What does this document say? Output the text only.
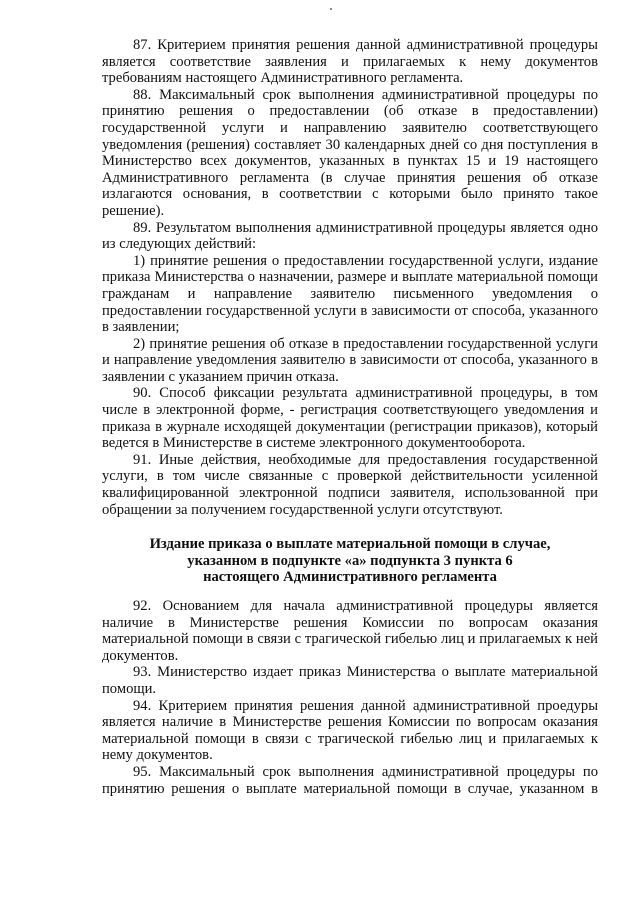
87. Критерием принятия решения данной административной процедуры является соответствие заявления и прилагаемых к нему документов требованиям настоящего Административного регламента.

88. Максимальный срок выполнения административной процедуры по принятию решения о предоставлении (об отказе в предоставлении) государственной услуги и направлению заявителю соответствующего уведомления (решения) составляет 30 календарных дней со дня поступления в Министерство всех документов, указанных в пунктах 15 и 19 настоящего Административного регламента (в случае принятия решения об отказе излагаются основания, в соответствии с которыми было принято такое решение).

89. Результатом выполнения административной процедуры является одно из следующих действий:

1) принятие решения о предоставлении государственной услуги, издание приказа Министерства о назначении, размере и выплате материальной помощи гражданам и направление заявителю письменного уведомления о предоставлении государственной услуги в зависимости от способа, указанного в заявлении;

2) принятие решения об отказе в предоставлении государственной услуги и направление уведомления заявителю в зависимости от способа, указанного в заявлении с указанием причин отказа.

90. Способ фиксации результата административной процедуры, в том числе в электронной форме, - регистрация соответствующего уведомления и приказа в журнале исходящей документации (регистрации приказов), который ведется в Министерстве в системе электронного документооборота.

91. Иные действия, необходимые для предоставления государственной услуги, в том числе связанные с проверкой действительности усиленной квалифицированной электронной подписи заявителя, использованной при обращении за получением государственной услуги отсутствуют.

Издание приказа о выплате материальной помощи в случае,
указанном в подпункте «а» подпункта 3 пункта 6
настоящего Административного регламента

92. Основанием для начала административной процедуры является наличие в Министерстве решения Комиссии по вопросам оказания материальной помощи в связи с трагической гибелью лиц и прилагаемых к ней документов.

93. Министерство издает приказ Министерства о выплате материальной помощи.

94. Критерием принятия решения данной административной проедуры является наличие в Министерстве решения Комиссии по вопросам оказания материальной помощи в связи с трагической гибелью лиц и прилагаемых к нему документов.

95. Максимальный срок выполнения административной процедуры по принятию решения о выплате материальной помощи в случае, указанном в
